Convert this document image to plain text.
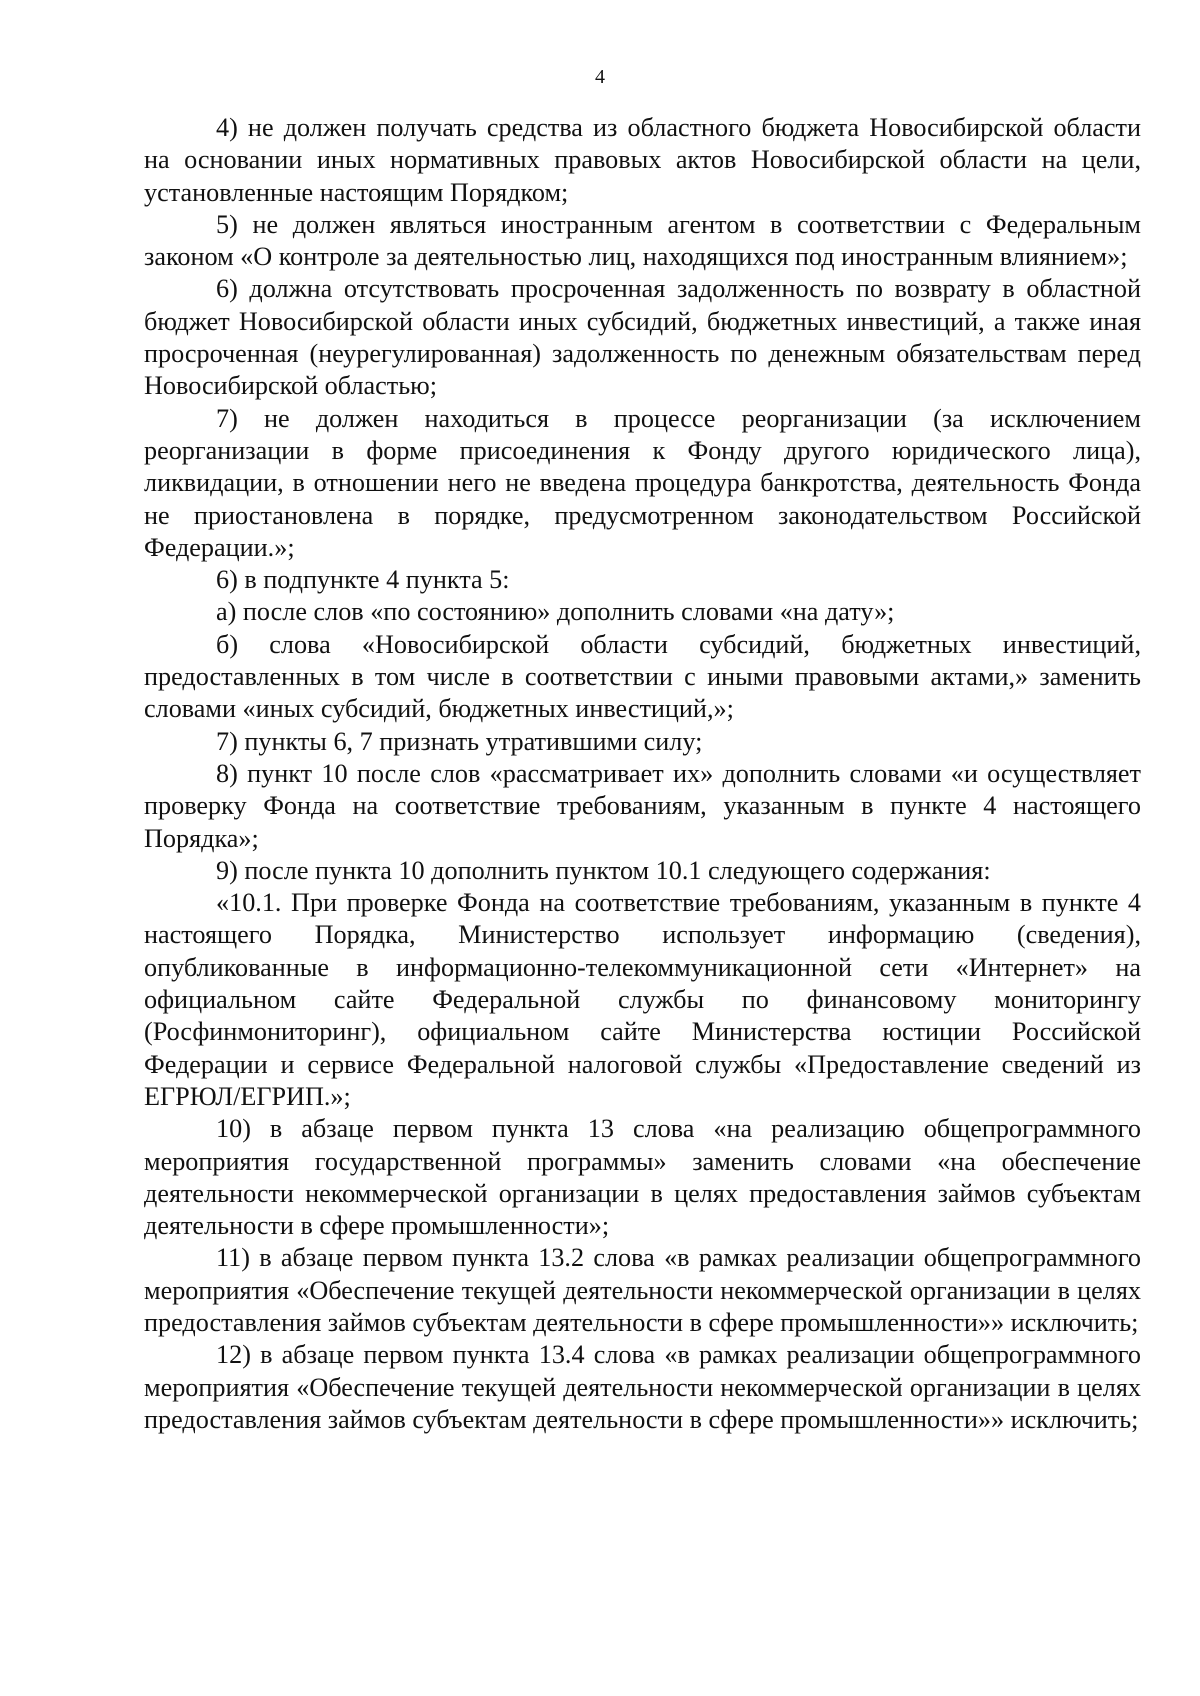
4

4) не должен получать средства из областного бюджета Новосибирской области на основании иных нормативных правовых актов Новосибирской области на цели, установленные настоящим Порядком;

5) не должен являться иностранным агентом в соответствии с Федеральным законом «О контроле за деятельностью лиц, находящихся под иностранным влиянием»;

6) должна отсутствовать просроченная задолженность по возврату в областной бюджет Новосибирской области иных субсидий, бюджетных инвестиций, а также иная просроченная (неурегулированная) задолженность по денежным обязательствам перед Новосибирской областью;

7) не должен находиться в процессе реорганизации (за исключением реорганизации в форме присоединения к Фонду другого юридического лица), ликвидации, в отношении него не введена процедура банкротства, деятельность Фонда не приостановлена в порядке, предусмотренном законодательством Российской Федерации.»;

6) в подпункте 4 пункта 5:

а) после слов «по состоянию» дополнить словами «на дату»;

б) слова «Новосибирской области субсидий, бюджетных инвестиций, предоставленных в том числе в соответствии с иными правовыми актами,» заменить словами «иных субсидий, бюджетных инвестиций,»;

7) пункты 6, 7 признать утратившими силу;

8) пункт 10 после слов «рассматривает их» дополнить словами «и осуществляет проверку Фонда на соответствие требованиям, указанным в пункте 4 настоящего Порядка»;

9) после пункта 10 дополнить пунктом 10.1 следующего содержания:

«10.1. При проверке Фонда на соответствие требованиям, указанным в пункте 4 настоящего Порядка, Министерство использует информацию (сведения), опубликованные в информационно-телекоммуникационной сети «Интернет» на официальном сайте Федеральной службы по финансовому мониторингу (Росфинмониторинг), официальном сайте Министерства юстиции Российской Федерации и сервисе Федеральной налоговой службы «Предоставление сведений из ЕГРЮЛ/ЕГРИП.»;

10) в абзаце первом пункта 13 слова «на реализацию общепрограммного мероприятия государственной программы» заменить словами «на обеспечение деятельности некоммерческой организации в целях предоставления займов субъектам деятельности в сфере промышленности»;

11) в абзаце первом пункта 13.2 слова «в рамках реализации общепрограммного мероприятия «Обеспечение текущей деятельности некоммерческой организации в целях предоставления займов субъектам деятельности в сфере промышленности»» исключить;

12) в абзаце первом пункта 13.4 слова «в рамках реализации общепрограммного мероприятия «Обеспечение текущей деятельности некоммерческой организации в целях предоставления займов субъектам деятельности в сфере промышленности»» исключить;
